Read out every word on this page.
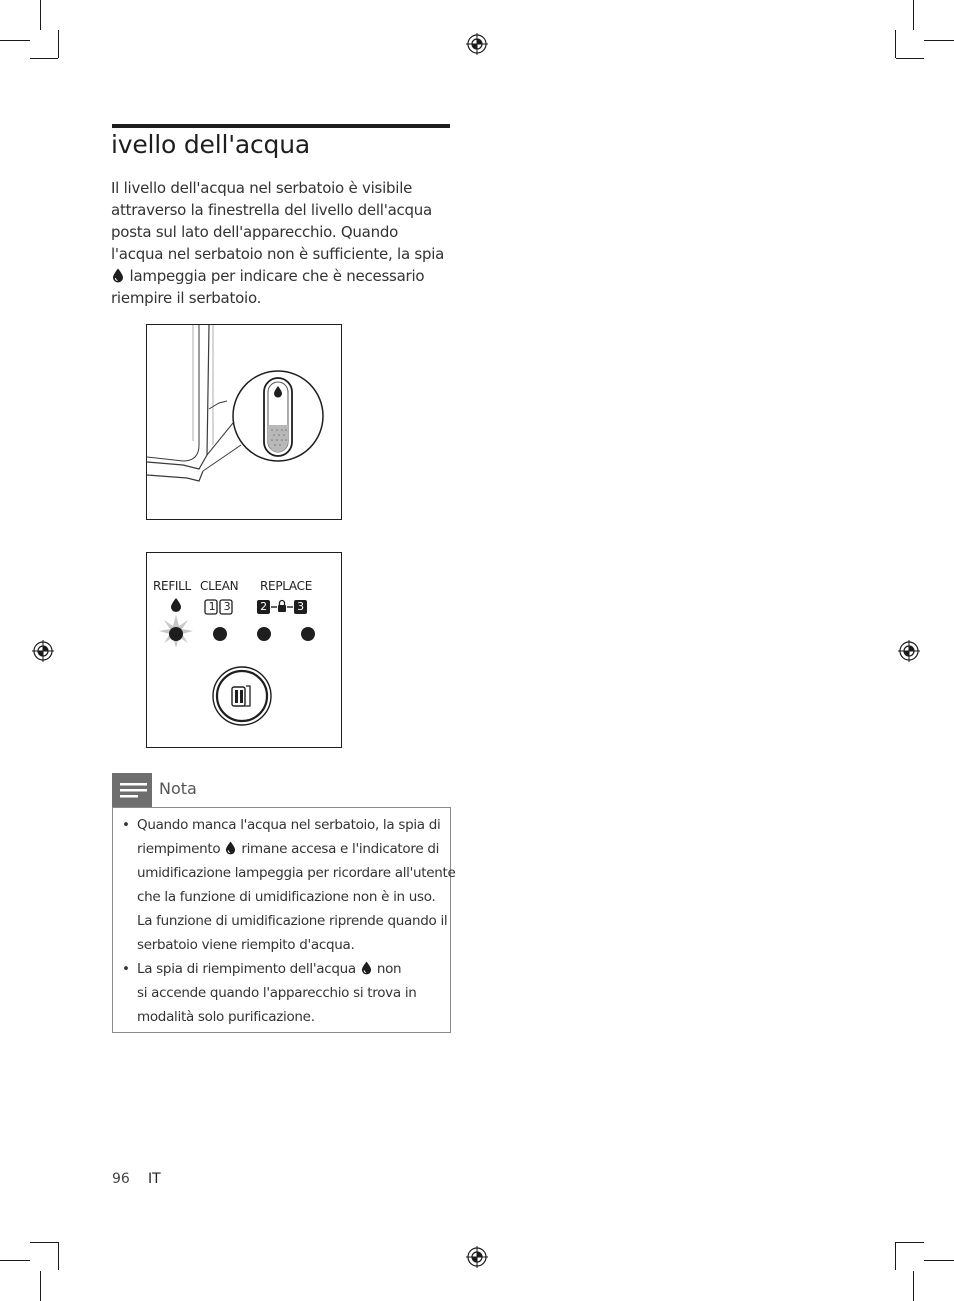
ivello dell'acqua
Il livello dell'acqua nel serbatoio è visibile
attraverso la finestrella del livello dell'acqua
posta sul lato dell'apparecchio. Quando
l'acqua nel serbatoio non è sufficiente, la spia
lampeggia per indicare che è necessario
riempire il serbatoio.
REFILL CLEAN REPLACE
1 3	2	3
Nota
• Quando manca l'acqua nel serbatoio, la spia di
riempimento rimane accesa e l'indicatore di
umidificazione lampeggia per ricordare all'utente
che la funzione di umidificazione non è in uso.
La funzione di umidificazione riprende quando il
serbatoio viene riempito d'acqua.
• La spia di riempimento dell'acqua non
si accende quando l'apparecchio si trova in
modalità solo purificazione.
96 IT
